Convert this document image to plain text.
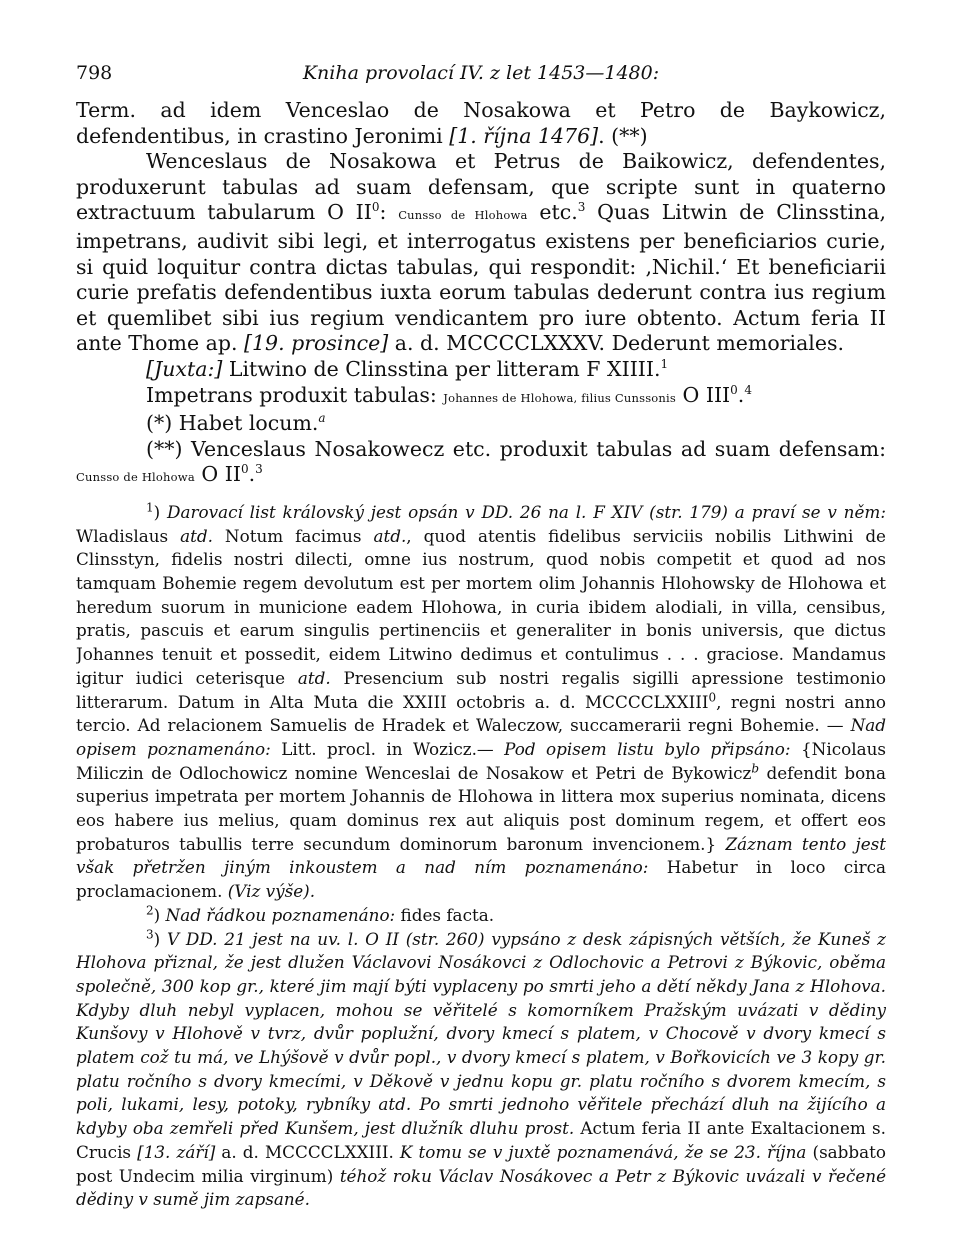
798	Kniha provolací IV. z let 1453—1480:

Term. ad idem Venceslao de Nosakowa et Petro de Baykowicz, defendentibus, in crastino Jeronimi [1. října 1476]. (**)

Wenceslaus de Nosakowa et Petrus de Baikowicz, defendentes, produxerunt tabulas ad suam defensam, que scripte sunt in quaterno extractuum tabularum O $II^0$: Cunsso de Hlohowa etc.$^3$ Quas Litwin de Clinsstina, impetrans, audivit sibi legi, et interrogatus existens per beneficiarios curie, si quid loquitur contra dictas tabulas, qui respondit: ‚Nichil.‘ Et beneficiarii curie prefatis defendentibus iuxta eorum tabulas dederunt contra ius regium et quemlibet sibi ius regium vendicantem pro iure obtento. Actum feria II ante Thome ap. [19. prosince] a. d. MCCCCLXXXV. Dederunt memoriales.

[Juxta:] Litwino de Clinsstina per litteram F XIIII.$^1$

Impetrans produxit tabulas: Johannes de Hlohowa, filius Cunssonis O III$^0$.$^4$

(*) Habet locum.$^a$

(**) Venceslaus Nosakowecz etc. produxit tabulas ad suam defensam: Cunsso de Hlohowa O $II^0.^3$

$^1$) Darovací list královský jest opsán v DD. 26 na l. F XIV (str. 179) a praví se v něm: Wladislaus atd. Notum facimus atd., quod atentis fidelibus serviciis nobilis Lithwini de Clinsstyn, fidelis nostri dilecti, omne ius nostrum, quod nobis competit et quod ad nos tamquam Bohemie regem devolutum est per mortem olim Johannis Hlohowsky de Hlohowa et heredum suorum in municione eadem Hlohowa, in curia ibidem alodiali, in villa, censibus, pratis, pascuis et earum singulis pertinenciis et generaliter in bonis universis, que dictus Johannes tenuit et possedit, eidem Litwino dedimus et contulimus . . . graciose. Mandamus igitur iudici ceterisque atd. Presencium sub nostri regalis sigilli apressione testimonio litterarum. Datum in Alta Muta die XXIII octobris a. d. MCCCCLXXIII$^0$, regni nostri anno tercio. Ad relacionem Samuelis de Hradek et Waleczow, succamerarii regni Bohemie. — Nad opisem poznamenáno: Litt. procl. in Wozicz.— Pod opisem listu bylo připsáno: {Nicolaus Miliczin de Odlochowicz nomine Wenceslai de Nosakow et Petri de Bykowicz$^b$ defendit bona superius impetrata per mortem Johannis de Hlohowa in littera mox superius nominata, dicens eos habere ius melius, quam dominus rex aut aliquis post dominum regem, et offert eos probaturos tabullis terre secundum dominorum baronum invencionem.} Záznam tento jest však přetržen jiným inkoustem a nad ním poznamenáno: Habetur in loco circa proclamacionem. (Viz výše).

$^2$) Nad řádkou poznamenáno: fides facta.

$^3$) V DD. 21 jest na uv. l. O II (str. 260) vypsáno z desk zápisných větších, že Kuneš z Hlohova přiznal, že jest dlužen Václavovi Nosákovci z Odlochovic a Petrovi z Býkovic, oběma společně, 300 kop gr., které jim mají býti vyplaceny po smrti jeho a dětí někdy Jana z Hlohova. Kdyby dluh nebyl vyplacen, mohou se věřitelé s komorníkem Pražským uvázati v dědiny Kunšovy v Hlohově v tvrz, dvůr poplužní, dvory kmecí s platem, v Chocově v dvory kmecí s platem což tu má, ve Lhýšově v dvůr popl., v dvory kmecí s platem, v Bořkovicích ve 3 kopy gr. platu ročního s dvory kmecími, v Děkově v jednu kopu gr. platu ročního s dvorem kmecím, s poli, lukami, lesy, potoky, rybníky atd. Po smrti jednoho věřitele přechází dluh na žijícího a kdyby oba zemřeli před Kunšem, jest dlužník dluhu prost. Actum feria II ante Exaltacionem s. Crucis [13. září] a. d. MCCCCLXXIII. K tomu se v juxtě poznamenává, že se 23. října (sabbato post Undecim milia virginum) téhož roku Václav Nosákovec a Petr z Býkovic uvázali v řečené dědiny v sumě jim zapsané.
